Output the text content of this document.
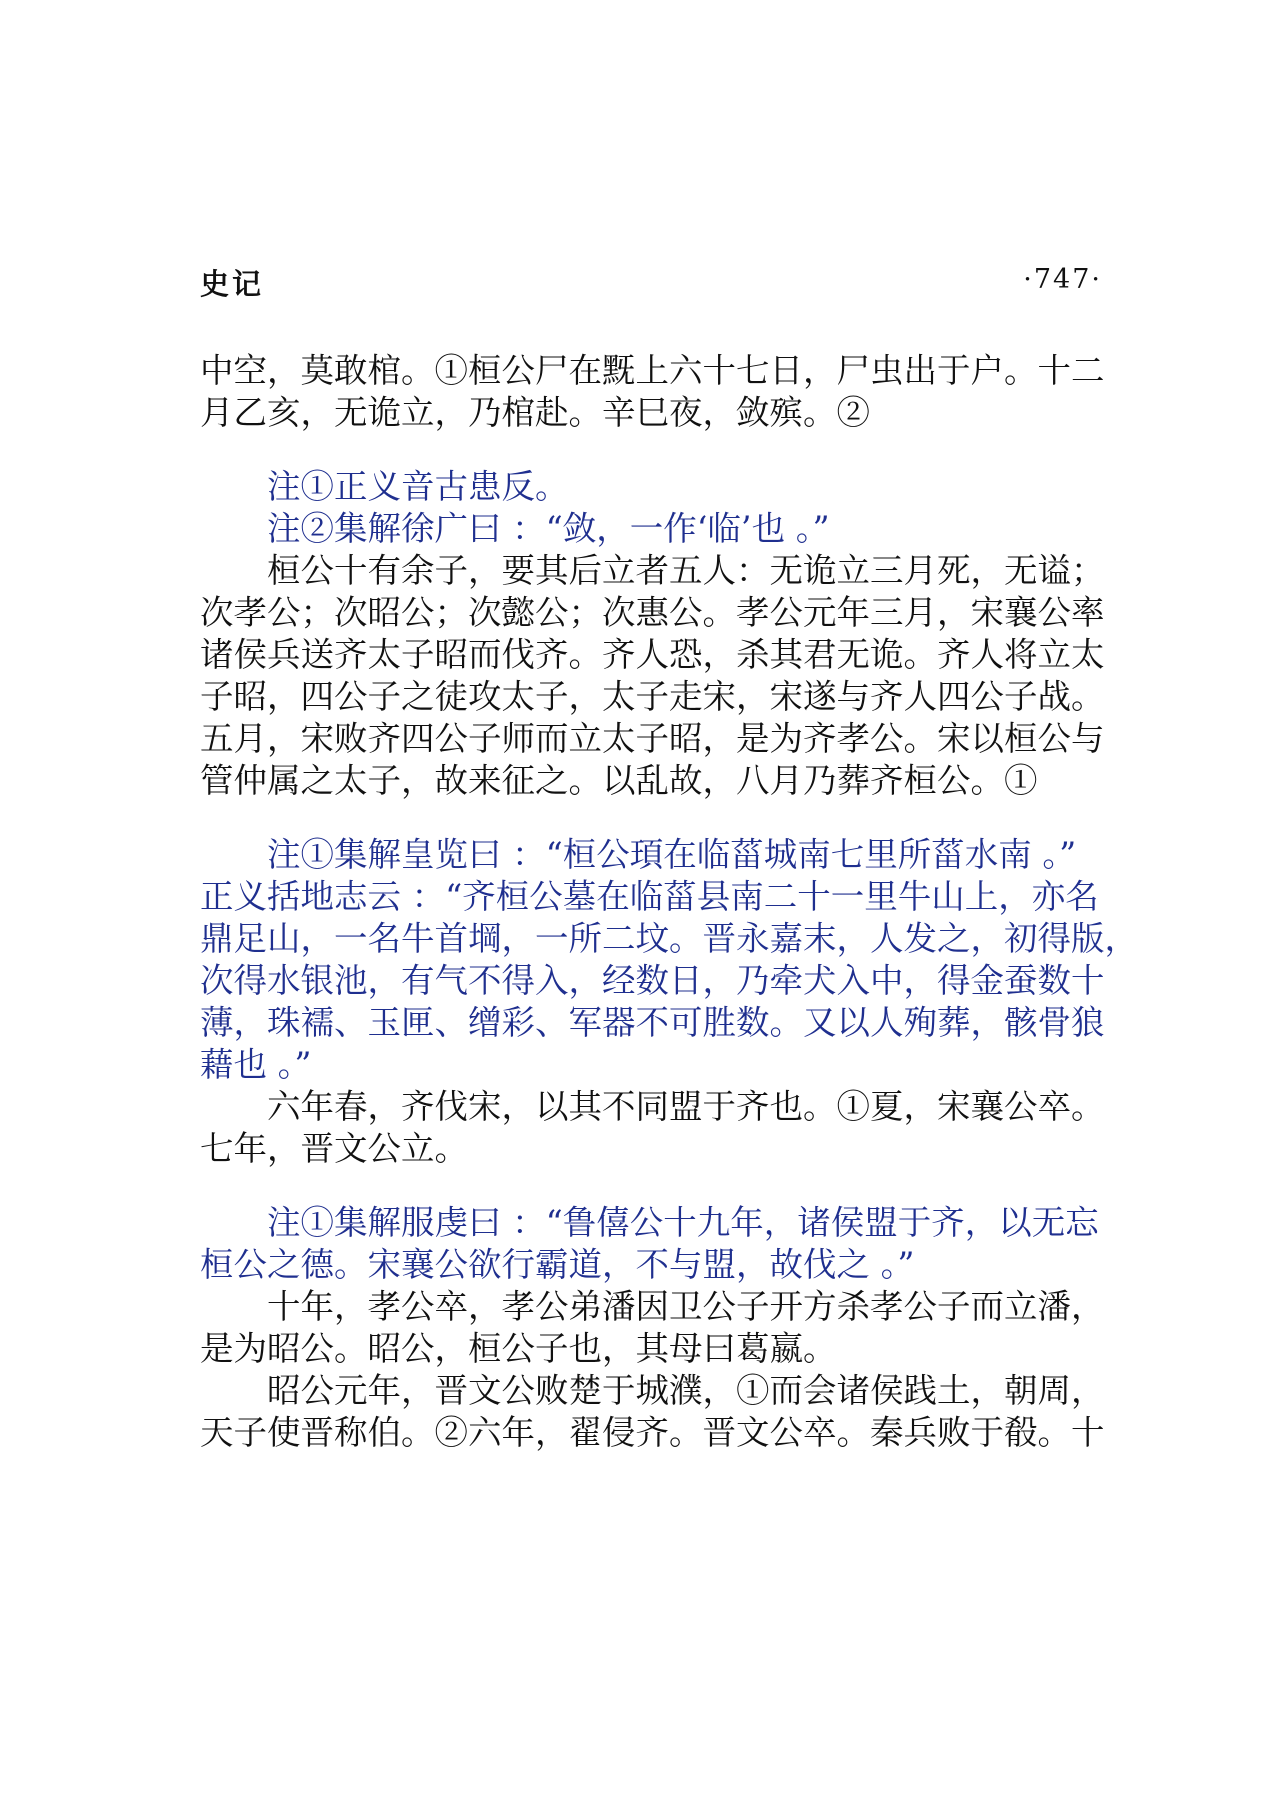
史记	·747·
中空，莫敢棺。①桓公尸在黖上六十七日，尸虫出于户。十二
月乙亥，无诡立，乃棺赴。辛巳夜，敛殡。②
注①正义音古患反。
注②集解徐广曰 ：“敛，一作‘临’也 。”
桓公十有余子，要其后立者五人：无诡立三月死，无谥；
次孝公；次昭公；次懿公；次惠公。孝公元年三月，宋襄公率
诸侯兵送齐太子昭而伐齐。齐人恐，杀其君无诡。齐人将立太
子昭，四公子之徒攻太子，太子走宋，宋遂与齐人四公子战。
五月，宋败齐四公子师而立太子昭，是为齐孝公。宋以桓公与
管仲属之太子，故来征之。以乱故，八月乃葬齐桓公。①
注①集解皇览曰 ：“桓公頊在临菑城南七里所菑水南 。”
正义括地志云 ：“齐桓公墓在临菑县南二十一里牛山上，亦名
鼎足山，一名牛首堈，一所二坟。晋永嘉末，人发之，初得版，
次得水银池，有气不得入，经数日，乃牵犬入中，得金蚕数十
薄，珠襦、玉匣、缯彩、军器不可胜数。又以人殉葬，骸骨狼
藉也 。”
六年春，齐伐宋，以其不同盟于齐也。①夏，宋襄公卒。
七年，晋文公立。
注①集解服虔曰 ：“鲁僖公十九年，诸侯盟于齐，以无忘
桓公之德。宋襄公欲行霸道，不与盟，故伐之 。”
十年，孝公卒，孝公弟潘因卫公子开方杀孝公子而立潘，
是为昭公。昭公，桓公子也，其母曰葛嬴。
昭公元年，晋文公败楚于城濮，①而会诸侯践土，朝周，
天子使晋称伯。②六年，翟侵齐。晋文公卒。秦兵败于殽。十
